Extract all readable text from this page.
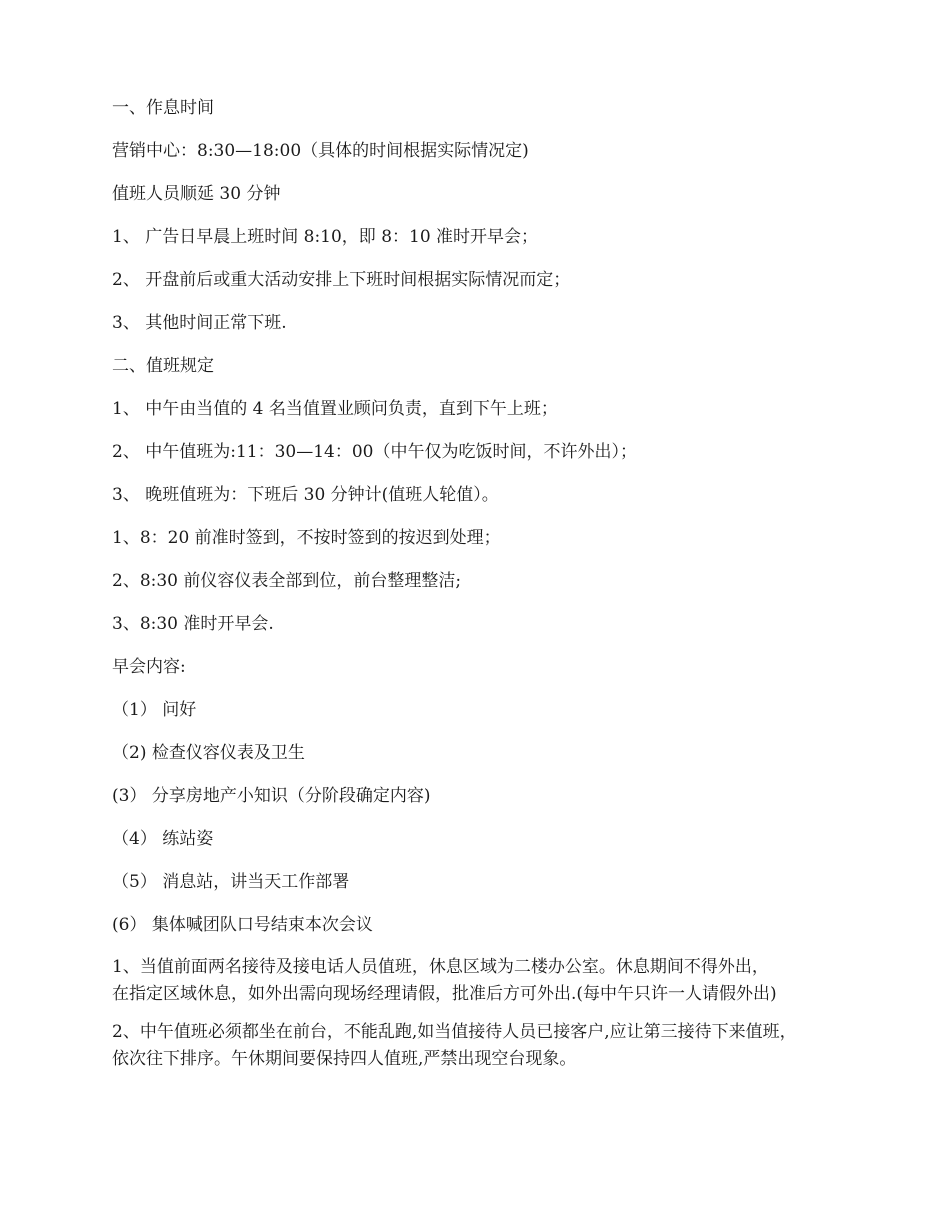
一、作息时间
营销中心：8:30—18:00（具体的时间根据实际情况定)
值班人员顺延 30 分钟
1、 广告日早晨上班时间 8:10，即 8：10 准时开早会；
2、 开盘前后或重大活动安排上下班时间根据实际情况而定；
3、 其他时间正常下班.
二、值班规定
1、 中午由当值的 4 名当值置业顾问负责，直到下午上班；
2、 中午值班为:11：30—14：00（中午仅为吃饭时间，不许外出）；
3、 晚班值班为：下班后 30 分钟计(值班人轮值）。
1、8：20 前准时签到，不按时签到的按迟到处理；
2、8:30 前仪容仪表全部到位，前台整理整洁;
3、8:30 准时开早会.
早会内容:
（1） 问好
（2) 检查仪容仪表及卫生
(3） 分享房地产小知识（分阶段确定内容)
（4） 练站姿
（5） 消息站，讲当天工作部署
(6） 集体喊团队口号结束本次会议
1、当值前面两名接待及接电话人员值班，休息区域为二楼办公室。休息期间不得外出，
在指定区域休息，如外出需向现场经理请假，批准后方可外出.(每中午只许一人请假外出)
2、中午值班必须都坐在前台，不能乱跑,如当值接待人员已接客户,应让第三接待下来值班，
依次往下排序。午休期间要保持四人值班,严禁出现空台现象。
